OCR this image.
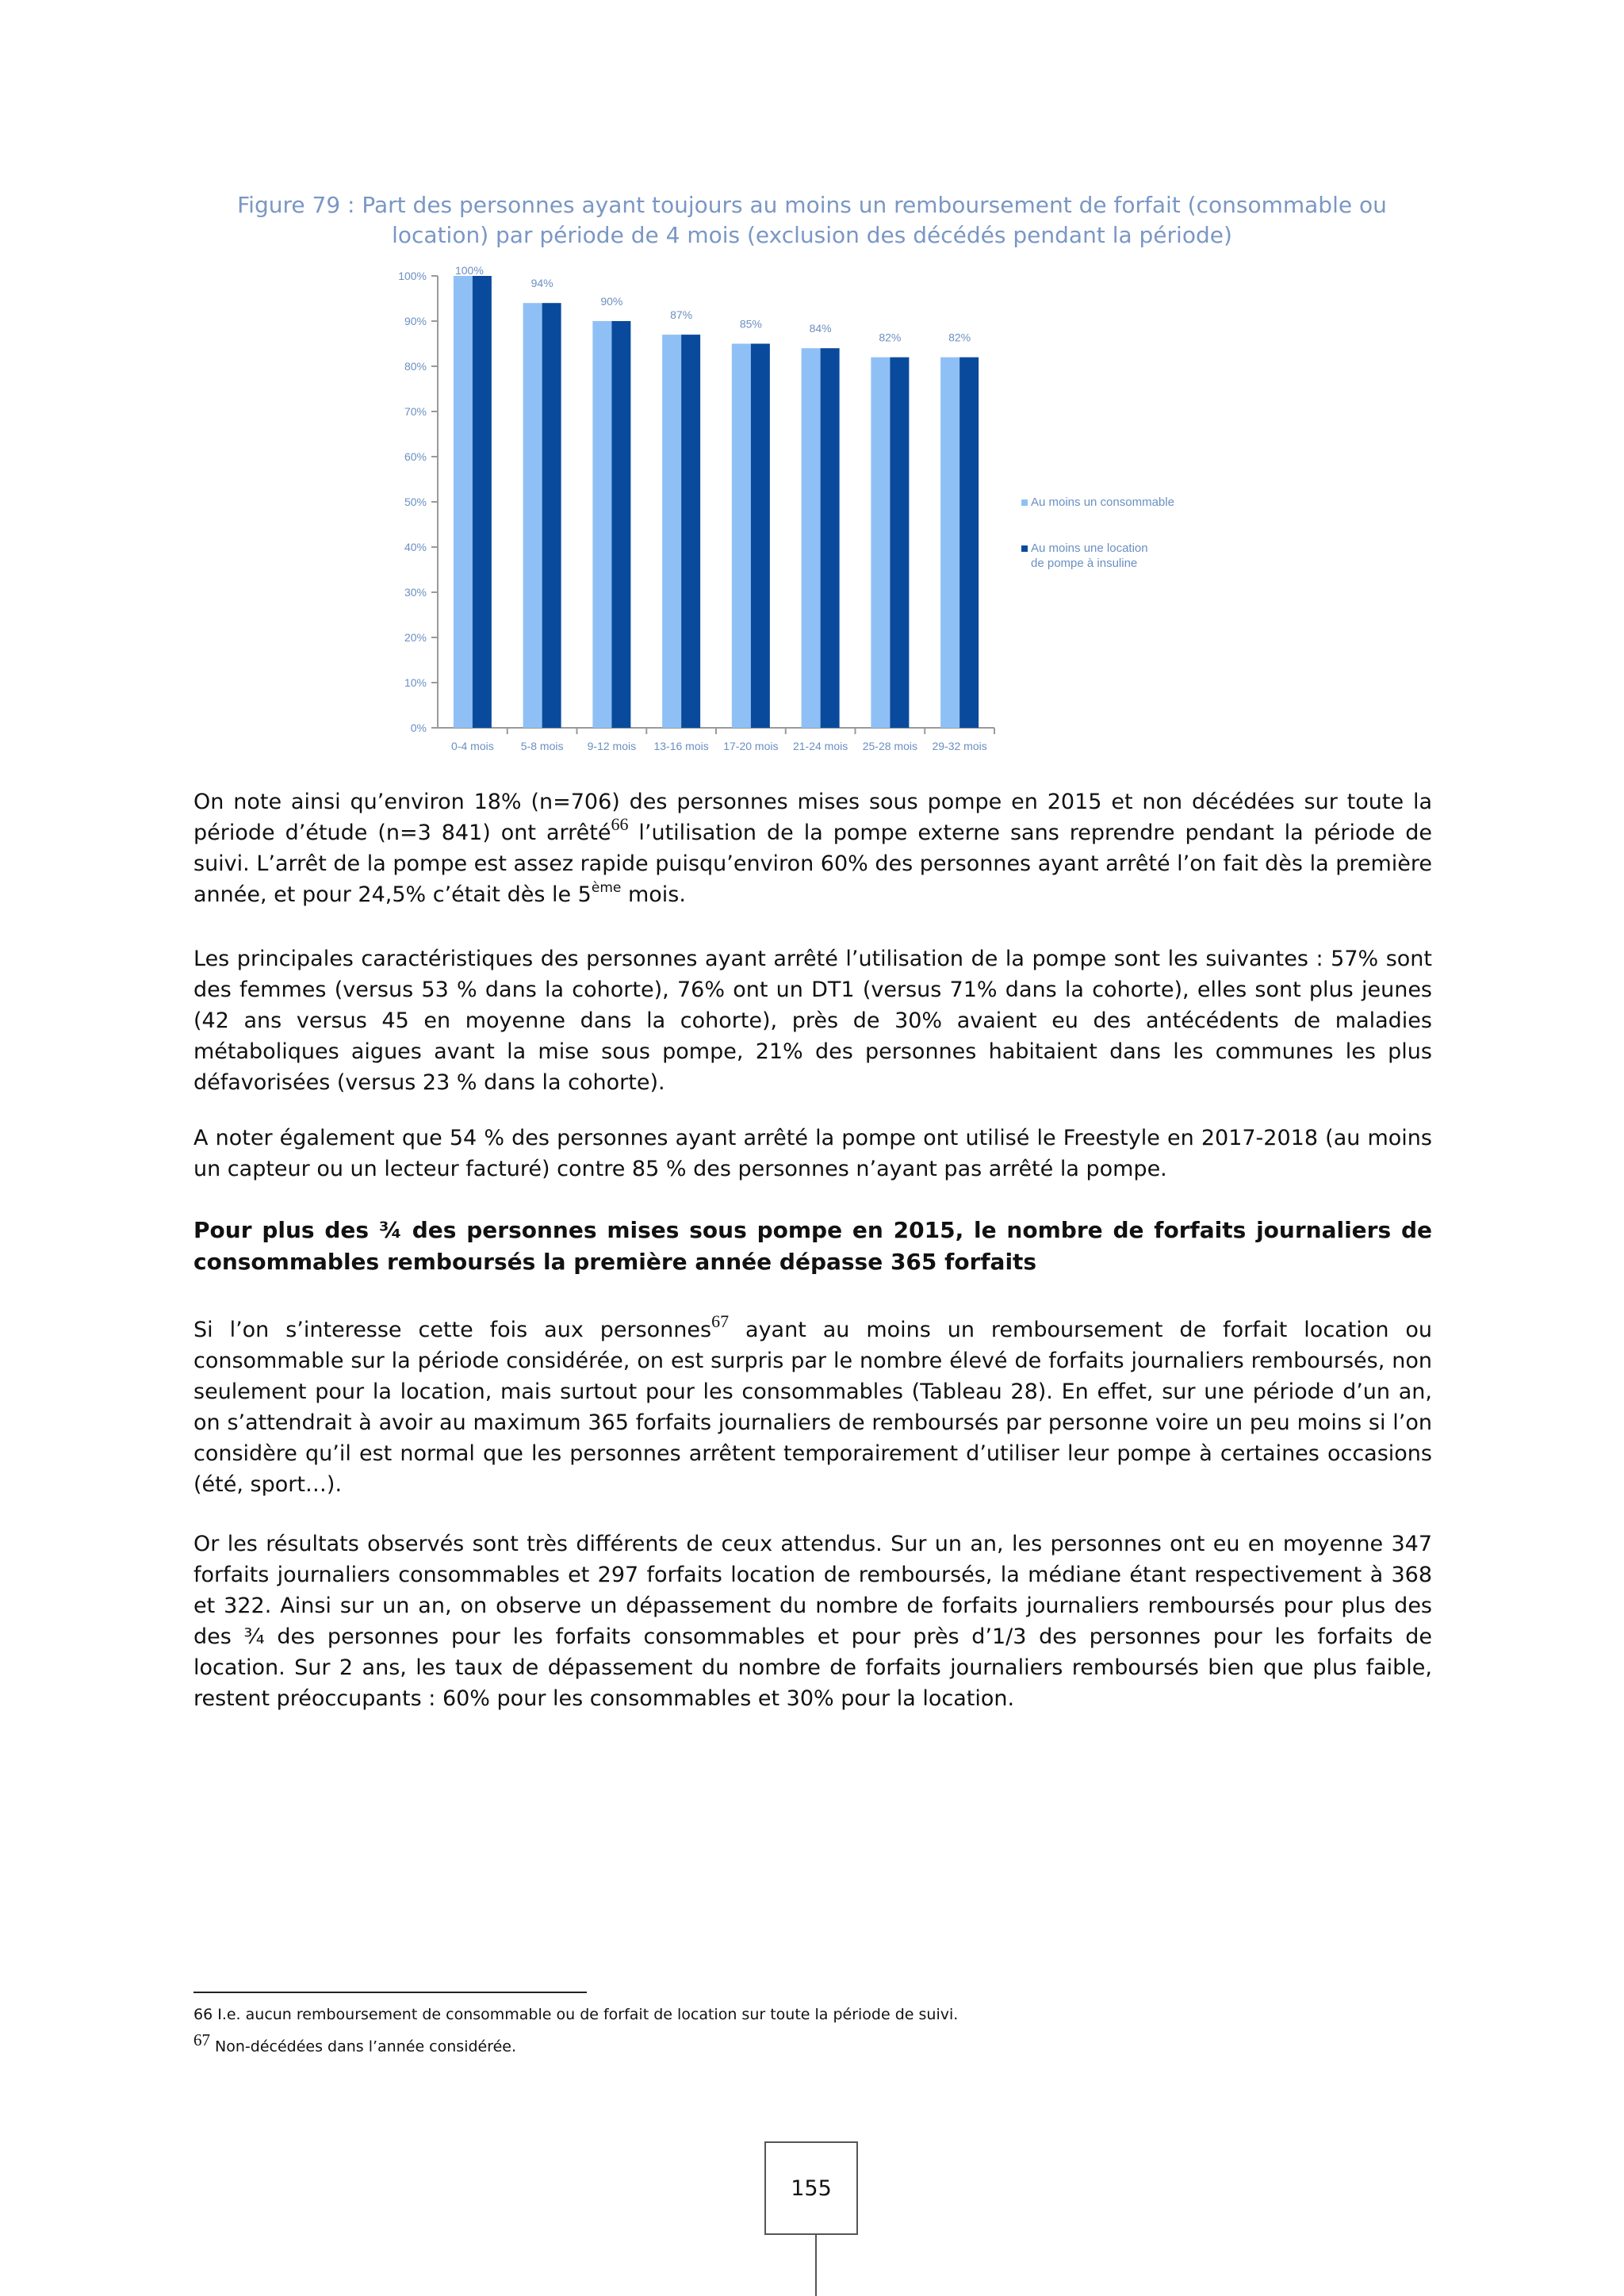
Figure 79 : Part des personnes ayant toujours au moins un remboursement de forfait (consommable ou
location) par période de 4 mois (exclusion des décédés pendant la période)
0%
10%
20%
30%
40%
50%
60%
70%
80%
90%
100%
0-4 mois
100%
5-8 mois
94%
9-12 mois
90%
13-16 mois
87%
17-20 mois
85%
21-24 mois
84%
25-28 mois
82%
29-32 mois
82%
Au moins un consommable
Au moins une location de pompe à insuline

On note ainsi qu’environ 18% (n=706) des personnes mises sous pompe en 2015 et non décédées sur toute la période d’étude (n=3 841) ont arrêté$^{66}$ l’utilisation de la pompe externe sans reprendre pendant la période de suivi. L’arrêt de la pompe est assez rapide puisqu’environ 60% des personnes ayant arrêté l’on fait dès la première année, et pour 24,5% c’était dès le 5ème mois.

Les principales caractéristiques des personnes ayant arrêté l’utilisation de la pompe sont les suivantes : 57% sont des femmes (versus 53 % dans la cohorte), 76% ont un DT1 (versus 71% dans la cohorte), elles sont plus jeunes (42 ans versus 45 en moyenne dans la cohorte), près de 30% avaient eu des antécédents de maladies métaboliques aigues avant la mise sous pompe, 21% des personnes habitaient dans les communes les plus défavorisées (versus 23 % dans la cohorte).

A noter également que 54 % des personnes ayant arrêté la pompe ont utilisé le Freestyle en 2017-2018 (au moins un capteur ou un lecteur facturé) contre 85 % des personnes n’ayant pas arrêté la pompe.

Pour plus des ¾ des personnes mises sous pompe en 2015, le nombre de forfaits journaliers de consommables remboursés la première année dépasse 365 forfaits

Si l’on s’interesse cette fois aux personnes$^{67}$ ayant au moins un remboursement de forfait location ou consommable sur la période considérée, on est surpris par le nombre élevé de forfaits journaliers remboursés, non seulement pour la location, mais surtout pour les consommables (Tableau 28). En effet, sur une période d’un an, on s’attendrait à avoir au maximum 365 forfaits journaliers de remboursés par personne voire un peu moins si l’on considère qu’il est normal que les personnes arrêtent temporairement d’utiliser leur pompe à certaines occasions (été, sport…).

Or les résultats observés sont très différents de ceux attendus. Sur un an, les personnes ont eu en moyenne 347 forfaits journaliers consommables et 297 forfaits location de remboursés, la médiane étant respectivement à 368 et 322. Ainsi sur un an, on observe un dépassement du nombre de forfaits journaliers remboursés pour plus des des ¾ des personnes pour les forfaits consommables et pour près d’1/3 des personnes pour les forfaits de location. Sur 2 ans, les taux de dépassement du nombre de forfaits journaliers remboursés bien que plus faible, restent préoccupants : 60% pour les consommables et 30% pour la location.

66 I.e. aucun remboursement de consommable ou de forfait de location sur toute la période de suivi.
67 Non-décédées dans l’année considérée.
155
